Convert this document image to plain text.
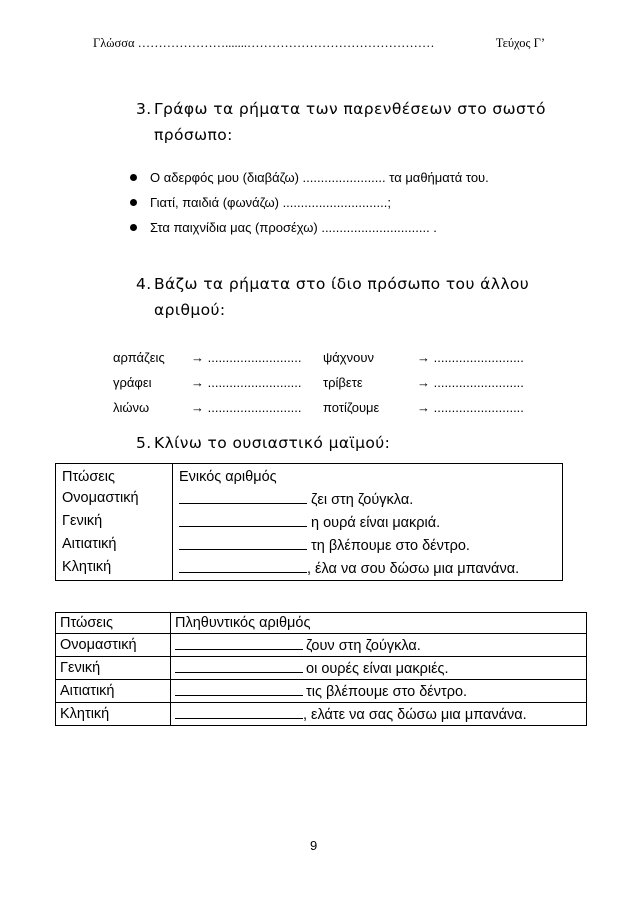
Γλώσσα ………………….......………………………………………	Τεύχος Γ’
3. Γράφω τα ρήματα των παρενθέσεων στο σωστό
πρόσωπο:
Ο αδερφός μου (διαβάζω) ....................... τα μαθήματά του.
Γιατί, παιδιά (φωνάζω) .............................;
Στα παιχνίδια μας (προσέχω) .............................. .
4. Βάζω τα ρήματα στο ίδιο πρόσωπο του άλλου
αριθμού:
αρπάζεις → .......................... ψάχνουν	→ .........................
γράφει	→ .......................... τρίβετε	→ .........................
λιώνω	→ .......................... ποτίζουμε	→ .........................
5. Κλίνω το ουσιαστικό μαϊμού:
Πτώσεις	Ενικός αριθμός
Ονομαστική	ζει στη ζούγκλα.
Γενική	η ουρά είναι μακριά.
Αιτιατική	τη βλέπουμε στο δέντρο.
Κλητική	, έλα να σου δώσω μια μπανάνα.
Πτώσεις	Πληθυντικός αριθμός
Ονομαστική	ζουν στη ζούγκλα.
Γενική	οι ουρές είναι μακριές.
Αιτιατική	τις βλέπουμε στο δέντρο.
Κλητική	, ελάτε να σας δώσω μια μπανάνα.
9
